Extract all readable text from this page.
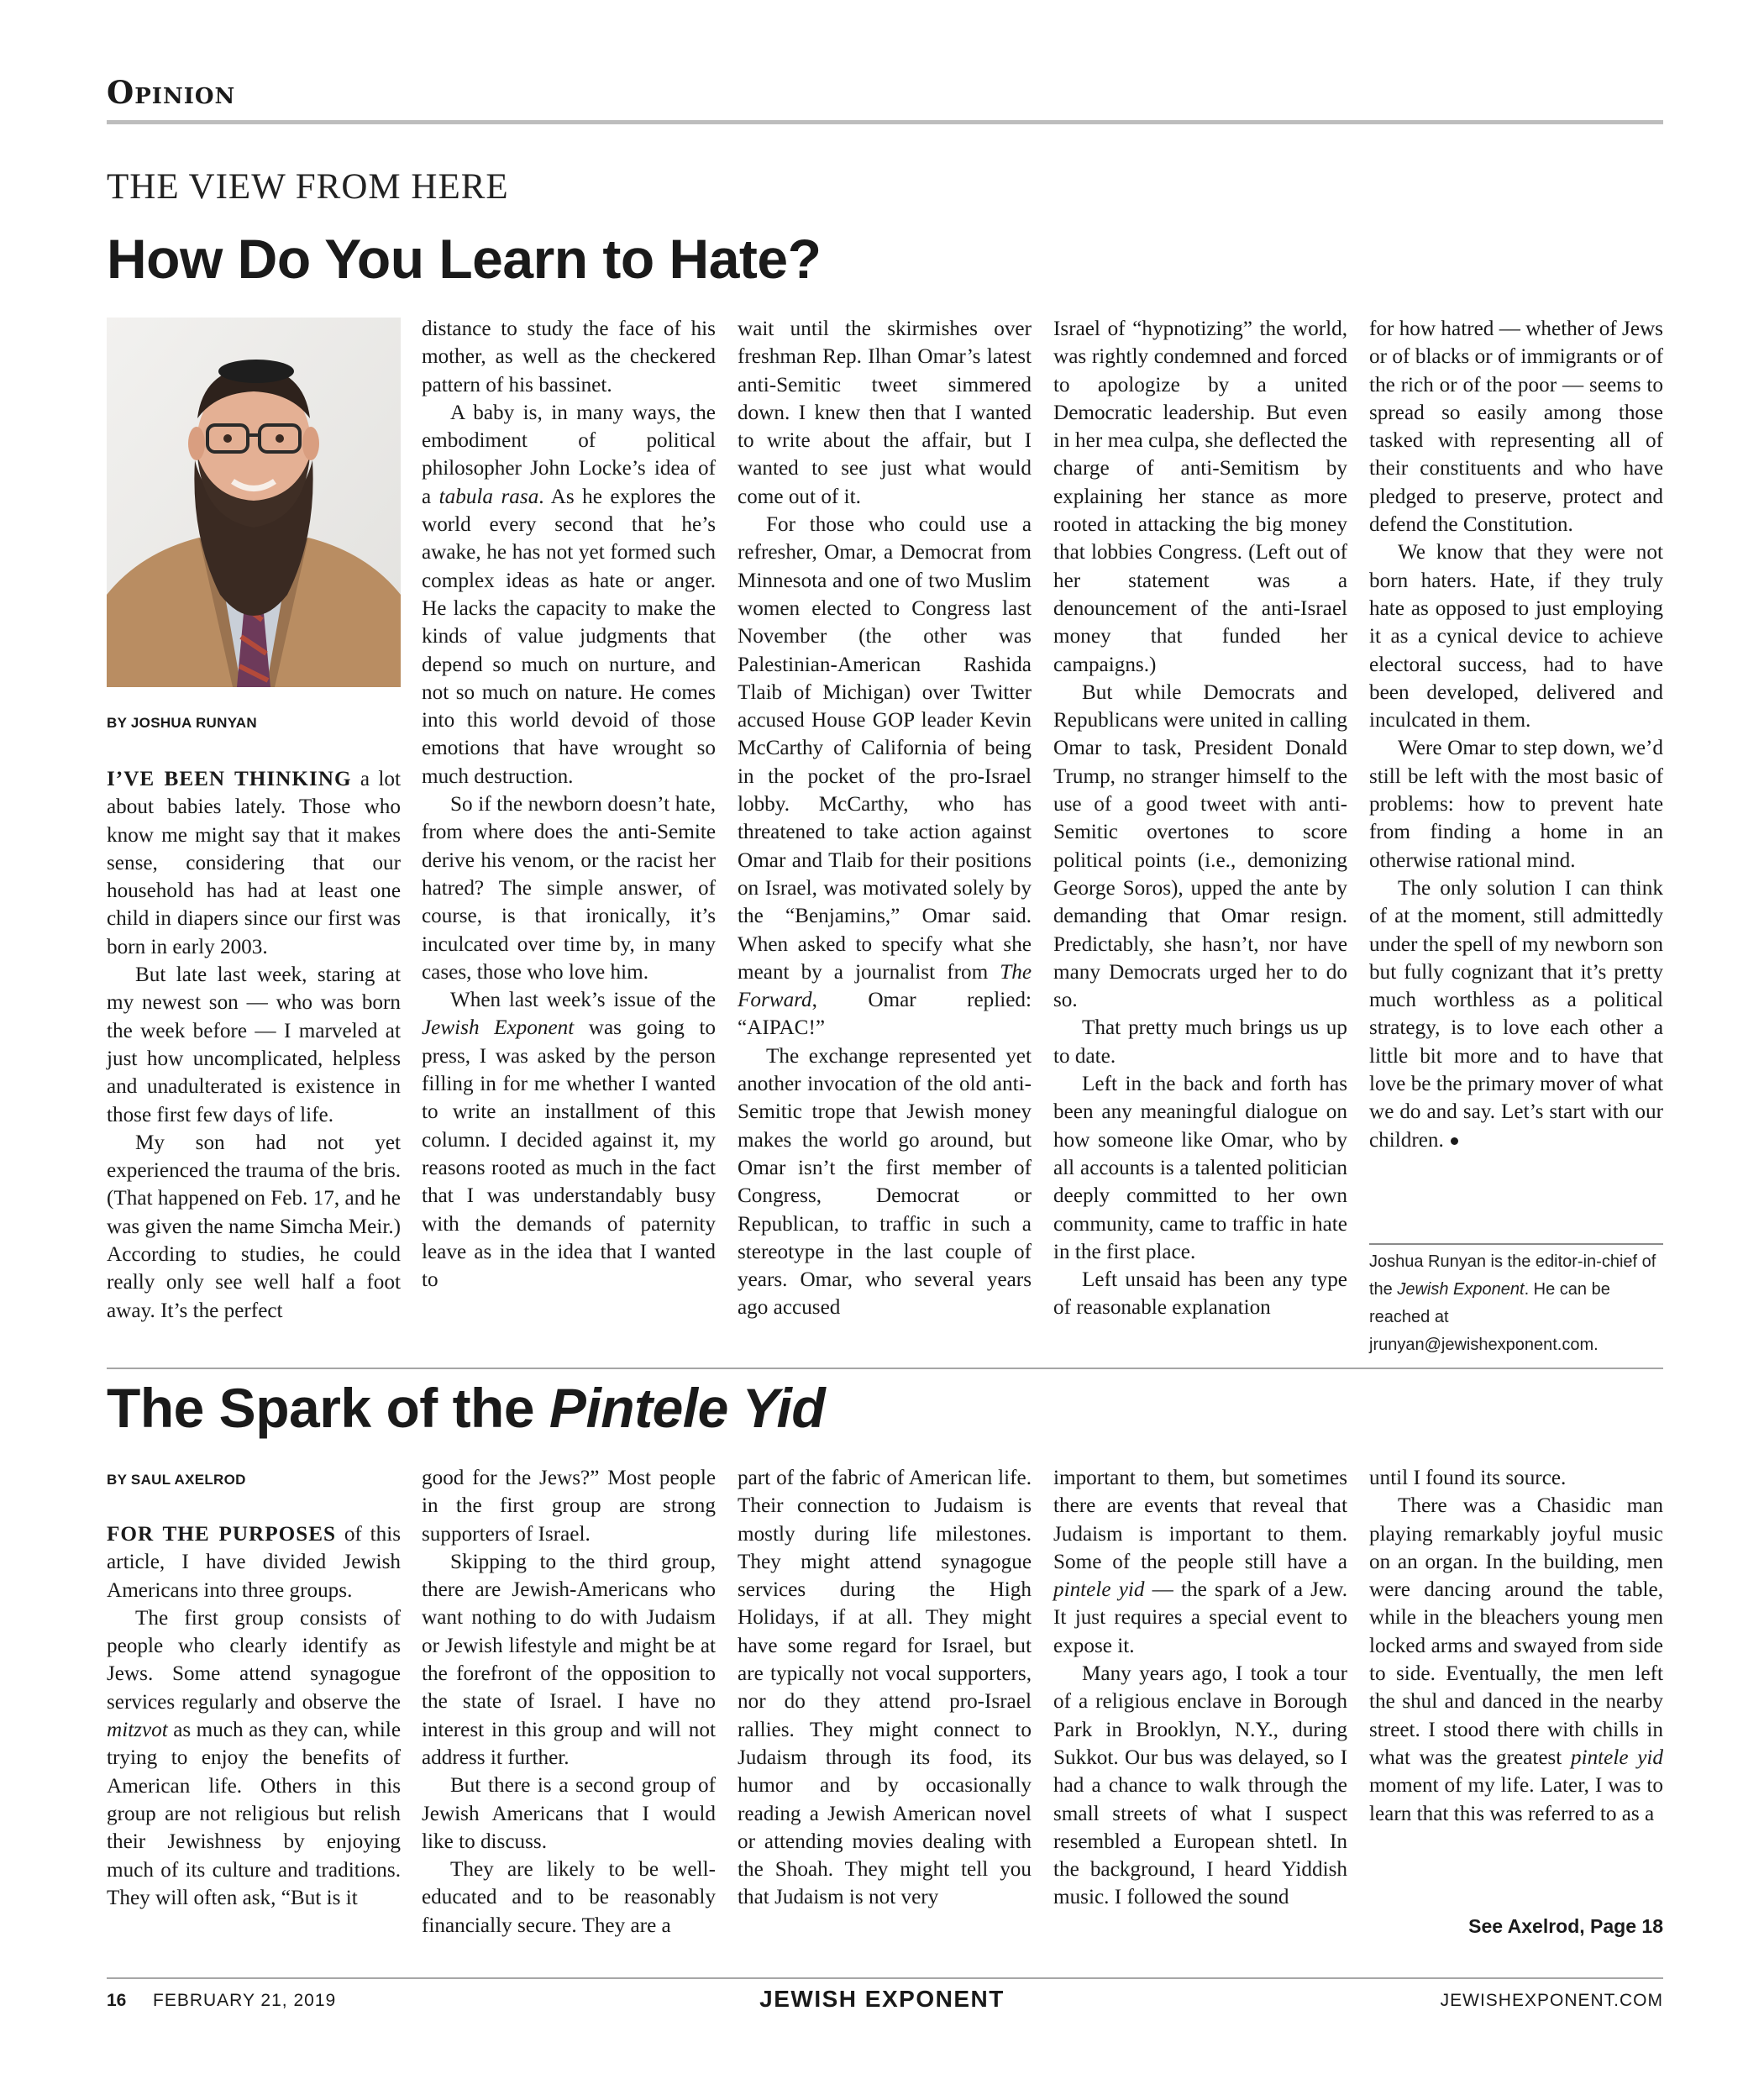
Opinion
THE VIEW FROM HERE
How Do You Learn to Hate?
BY JOSHUA RUNYAN

I’VE BEEN THINKING a lot about babies lately. Those who know me might say that it makes sense, considering that our household has had at least one child in diapers since our first was born in early 2003.

But late last week, staring at my newest son — who was born the week before — I marveled at just how uncomplicated, helpless and unadulterated is existence in those first few days of life.

My son had not yet experienced the trauma of the bris. (That happened on Feb. 17, and he was given the name Simcha Meir.) According to studies, he could really only see well half a foot away. It’s the perfect

distance to study the face of his mother, as well as the checkered pattern of his bassinet.

A baby is, in many ways, the embodiment of political philosopher John Locke’s idea of a tabula rasa. As he explores the world every second that he’s awake, he has not yet formed such complex ideas as hate or anger. He lacks the capacity to make the kinds of value judgments that depend so much on nurture, and not so much on nature. He comes into this world devoid of those emotions that have wrought so much destruction.

So if the newborn doesn’t hate, from where does the anti-Semite derive his venom, or the racist her hatred? The simple answer, of course, is that ironically, it’s inculcated over time by, in many cases, those who love him.

When last week’s issue of the Jewish Exponent was going to press, I was asked by the person filling in for me whether I wanted to write an installment of this column. I decided against it, my reasons rooted as much in the fact that I was understandably busy with the demands of paternity leave as in the idea that I wanted to

wait until the skirmishes over freshman Rep. Ilhan Omar’s latest anti-Semitic tweet simmered down. I knew then that I wanted to write about the affair, but I wanted to see just what would come out of it.

For those who could use a refresher, Omar, a Democrat from Minnesota and one of two Muslim women elected to Congress last November (the other was Palestinian-American Rashida Tlaib of Michigan) over Twitter accused House GOP leader Kevin McCarthy of California of being in the pocket of the pro-Israel lobby. McCarthy, who has threatened to take action against Omar and Tlaib for their positions on Israel, was motivated solely by the “Benjamins,” Omar said. When asked to specify what she meant by a journalist from The Forward, Omar replied: “AIPAC!”

The exchange represented yet another invocation of the old anti-Semitic trope that Jewish money makes the world go around, but Omar isn’t the first member of Congress, Democrat or Republican, to traffic in such a stereotype in the last couple of years. Omar, who several years ago accused

Israel of “hypnotizing” the world, was rightly condemned and forced to apologize by a united Democratic leadership. But even in her mea culpa, she deflected the charge of anti-Semitism by explaining her stance as more rooted in attacking the big money that lobbies Congress. (Left out of her statement was a denouncement of the anti-Israel money that funded her campaigns.)

But while Democrats and Republicans were united in calling Omar to task, President Donald Trump, no stranger himself to the use of a good tweet with anti-Semitic overtones to score political points (i.e., demonizing George Soros), upped the ante by demanding that Omar resign. Predictably, she hasn’t, nor have many Democrats urged her to do so.

That pretty much brings us up to date.

Left in the back and forth has been any meaningful dialogue on how someone like Omar, who by all accounts is a talented politician deeply committed to her own community, came to traffic in hate in the first place.

Left unsaid has been any type of reasonable explanation

for how hatred — whether of Jews or of blacks or of immigrants or of the rich or of the poor — seems to spread so easily among those tasked with representing all of their constituents and who have pledged to preserve, protect and defend the Constitution.

We know that they were not born haters. Hate, if they truly hate as opposed to just employing it as a cynical device to achieve electoral success, had to have been developed, delivered and inculcated in them.

Were Omar to step down, we’d still be left with the most basic of problems: how to prevent hate from finding a home in an otherwise rational mind.

The only solution I can think of at the moment, still admittedly under the spell of my newborn son but fully cognizant that it’s pretty much worthless as a political strategy, is to love each other a little bit more and to have that love be the primary mover of what we do and say. Let’s start with our children.

Joshua Runyan is the editor-in-chief of the Jewish Exponent. He can be reached at jrunyan@jewishexponent.com.
The Spark of the Pintele Yid
BY SAUL AXELROD

FOR THE PURPOSES of this article, I have divided Jewish Americans into three groups.

The first group consists of people who clearly identify as Jews. Some attend synagogue services regularly and observe the mitzvot as much as they can, while trying to enjoy the benefits of American life. Others in this group are not religious but relish their Jewishness by enjoying much of its culture and traditions. They will often ask, “But is it

good for the Jews?” Most people in the first group are strong supporters of Israel.

Skipping to the third group, there are Jewish-Americans who want nothing to do with Judaism or Jewish lifestyle and might be at the forefront of the opposition to the state of Israel. I have no interest in this group and will not address it further.

But there is a second group of Jewish Americans that I would like to discuss.

They are likely to be well-educated and to be reasonably financially secure. They are a

part of the fabric of American life. Their connection to Judaism is mostly during life milestones. They might attend synagogue services during the High Holidays, if at all. They might have some regard for Israel, but are typically not vocal supporters, nor do they attend pro-Israel rallies. They might connect to Judaism through its food, its humor and by occasionally reading a Jewish American novel or attending movies dealing with the Shoah. They might tell you that Judaism is not very

important to them, but sometimes there are events that reveal that Judaism is important to them. Some of the people still have a pintele yid — the spark of a Jew. It just requires a special event to expose it.

Many years ago, I took a tour of a religious enclave in Borough Park in Brooklyn, N.Y., during Sukkot. Our bus was delayed, so I had a chance to walk through the small streets of what I suspect resembled a European shtetl. In the background, I heard Yiddish music. I followed the sound

until I found its source.

There was a Chasidic man playing remarkably joyful music on an organ. In the building, men were dancing around the table, while in the bleachers young men locked arms and swayed from side to side. Eventually, the men left the shul and danced in the nearby street. I stood there with chills in what was the greatest pintele yid moment of my life. Later, I was to learn that this was referred to as a

See Axelrod, Page 18
16 FEBRUARY 21, 2019	JEWISH EXPONENT	JEWISHEXPONENT.COM
